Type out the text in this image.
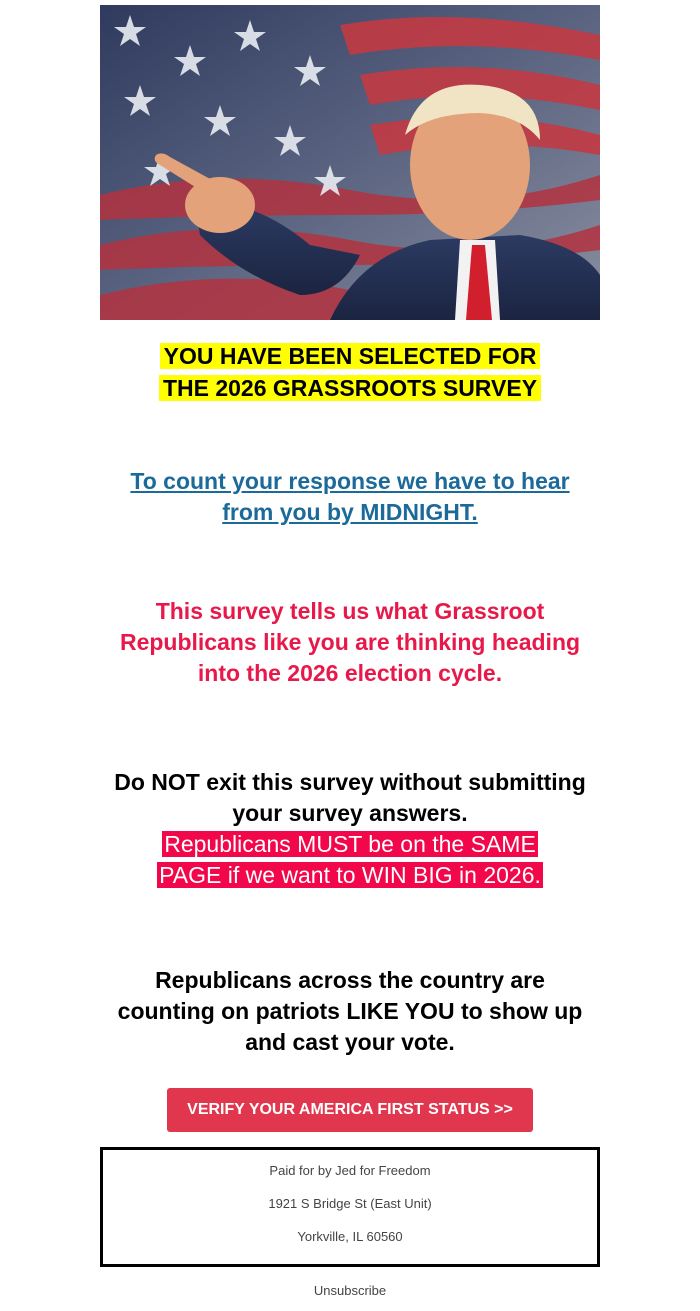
YOU HAVE BEEN SELECTED FOR
THE 2026 GRASSROOTS SURVEY
To count your response we have to hear from you by MIDNIGHT.
This survey tells us what Grassroot Republicans like you are thinking heading into the 2026 election cycle.
Do NOT exit this survey without submitting your survey answers.
Republicans MUST be on the SAME
PAGE if we want to WIN BIG in 2026.
Republicans across the country are counting on patriots LIKE YOU to show up and cast your vote.
VERIFY YOUR AMERICA FIRST STATUS >>

Paid for by Jed for Freedom

1921 S Bridge St (East Unit)

Yorkville, IL 60560

Unsubscribe
